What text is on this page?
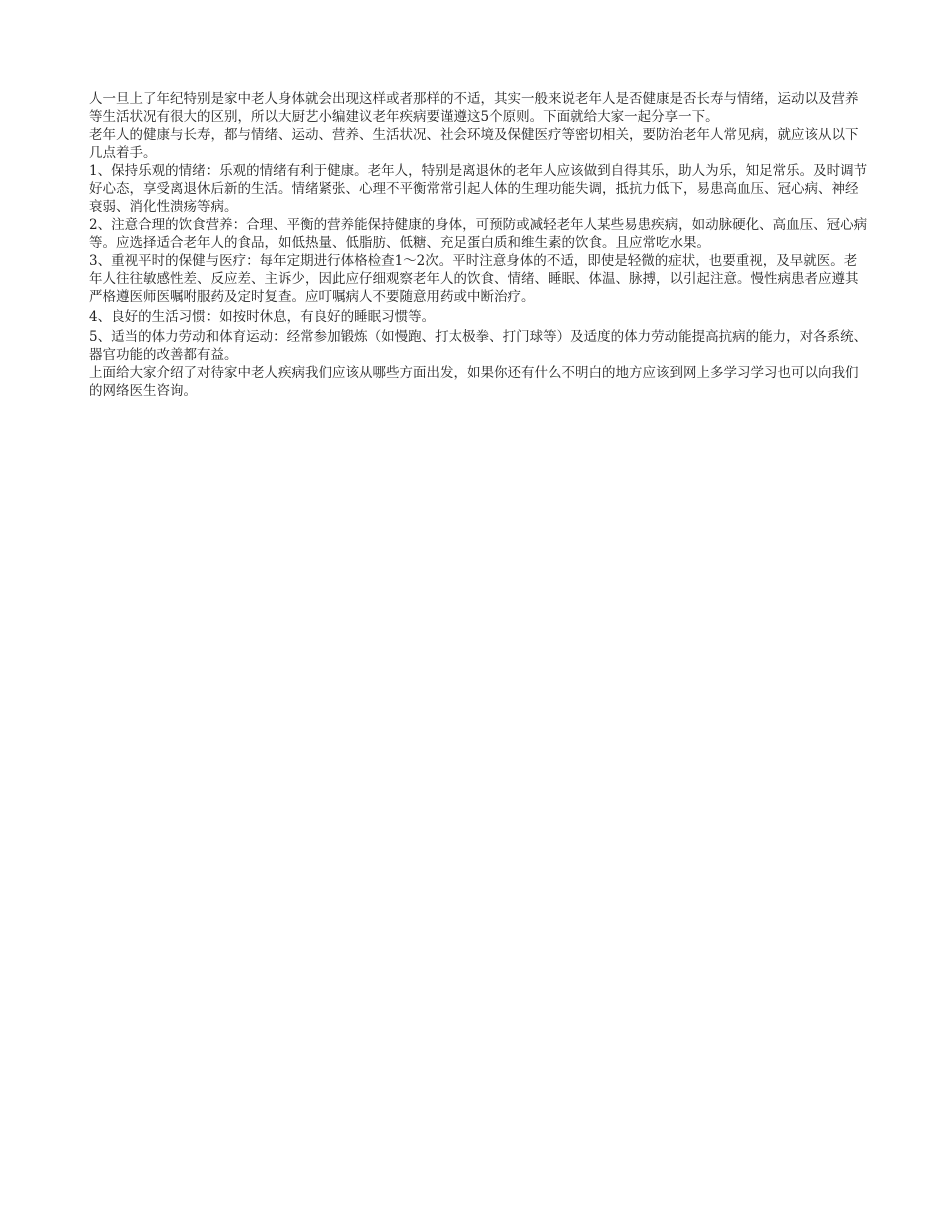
人一旦上了年纪特别是家中老人身体就会出现这样或者那样的不适，其实一般来说老年人是否健康是否长寿与情绪，运动以及营养等生活状况有很大的区别，所以大厨艺小编建议老年疾病要谨遵这5个原则。下面就给大家一起分享一下。

老年人的健康与长寿，都与情绪、运动、营养、生活状况、社会环境及保健医疗等密切相关，要防治老年人常见病，就应该从以下几点着手。

1、保持乐观的情绪：乐观的情绪有利于健康。老年人，特别是离退休的老年人应该做到自得其乐，助人为乐，知足常乐。及时调节好心态，享受离退休后新的生活。情绪紧张、心理不平衡常常引起人体的生理功能失调，抵抗力低下，易患高血压、冠心病、神经衰弱、消化性溃疡等病。

2、注意合理的饮食营养：合理、平衡的营养能保持健康的身体，可预防或减轻老年人某些易患疾病，如动脉硬化、高血压、冠心病等。应选择适合老年人的食品，如低热量、低脂肪、低糖、充足蛋白质和维生素的饮食。且应常吃水果。

3、重视平时的保健与医疗：每年定期进行体格检查1～2次。平时注意身体的不适，即使是轻微的症状，也要重视，及早就医。老年人往往敏感性差、反应差、主诉少，因此应仔细观察老年人的饮食、情绪、睡眠、体温、脉搏，以引起注意。慢性病患者应遵其严格遵医师医嘱咐服药及定时复查。应叮嘱病人不要随意用药或中断治疗。

4、良好的生活习惯：如按时休息，有良好的睡眠习惯等。

5、适当的体力劳动和体育运动：经常参加锻炼（如慢跑、打太极拳、打门球等）及适度的体力劳动能提高抗病的能力，对各系统、器官功能的改善都有益。

上面给大家介绍了对待家中老人疾病我们应该从哪些方面出发，如果你还有什么不明白的地方应该到网上多学习学习也可以向我们的网络医生咨询。
